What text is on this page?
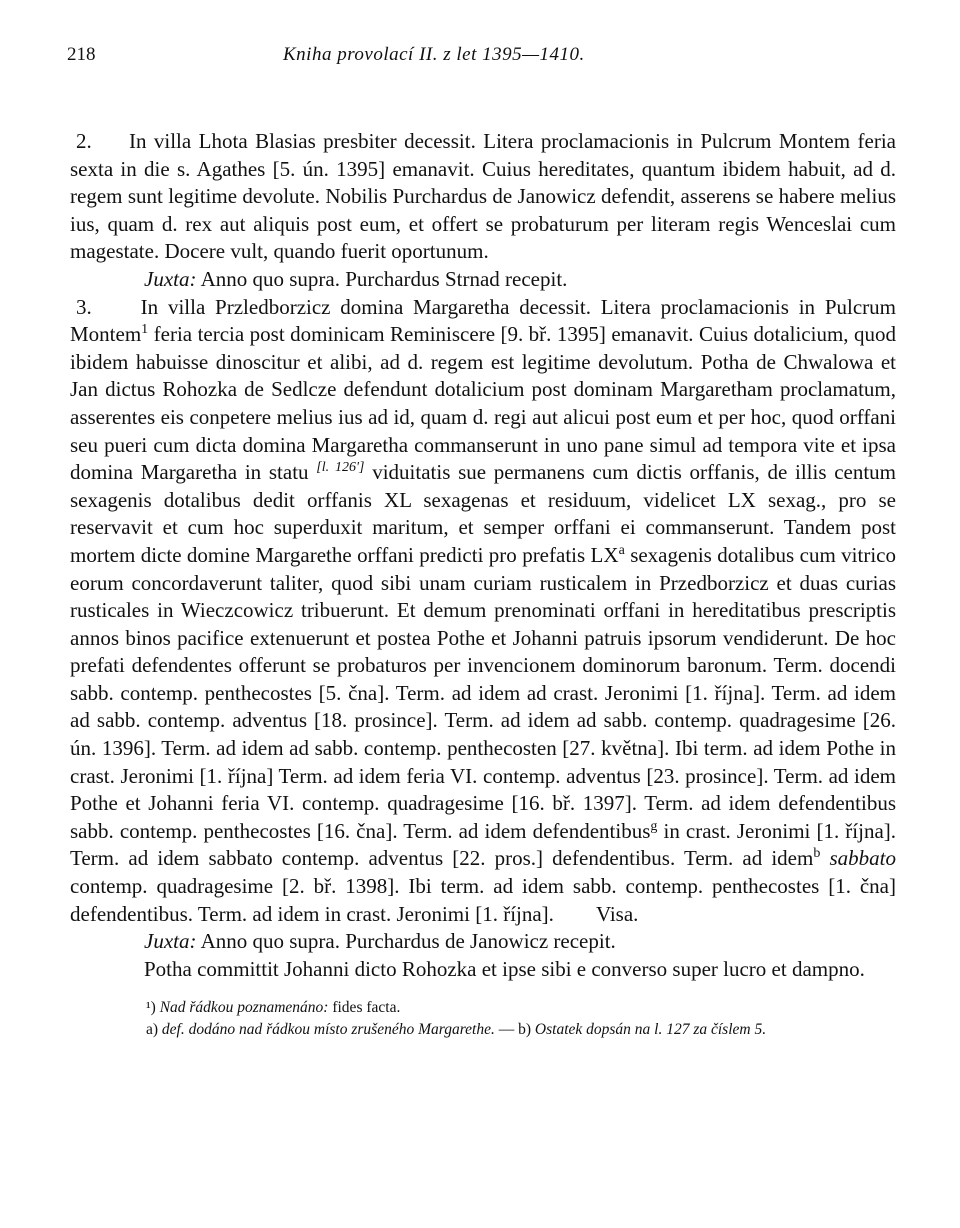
218	Kniha provolací II. z let 1395—1410.

2. In villa Lhota Blasias presbiter decessit. Litera proclamacionis in Pulcrum Montem feria sexta in die s. Agathes [5. ún. 1395] emanavit. Cuius hereditates, quantum ibidem habuit, ad d. regem sunt legitime devolute. Nobilis Purchardus de Janowicz defendit, asserens se habere melius ius, quam d. rex aut aliquis post eum, et offert se probaturum per literam regis Wenceslai cum magestate. Docere vult, quando fuerit oportunum.

Juxta: Anno quo supra. Purchardus Strnad recepit.

3. In villa Przledborzicz domina Margaretha decessit. Litera proclamacionis in Pulcrum Montem$^1$ feria tercia post dominicam Reminiscere [9. bř. 1395] emanavit. Cuius dotalicium, quod ibidem habuisse dinoscitur et alibi, ad d. regem est legitime devolutum. Potha de Chwalowa et Jan dictus Rohozka de Sedlcze defendunt dotalicium post dominam Margaretham proclamatum, asserentes eis conpetere melius ius ad id, quam d. regi aut alicui post eum et per hoc, quod orffani seu pueri cum dicta domina Margaretha commanserunt in uno pane simul ad tempora vite et ipsa domina Margaretha in statu [l. 126'] viduitatis sue permanens cum dictis orffanis, de illis centum sexagenis dotalibus dedit orffanis XL sexagenas et residuum, videlicet LX sexag., pro se reservavit et cum hoc superduxit maritum, et semper orffani ei commanserunt. Tandem post mortem dicte domine Margarethe orffani predicti pro prefatis $LX^a$ sexagenis dotalibus cum vitrico eorum concordaverunt taliter, quod sibi unam curiam rusticalem in Przedborzicz et duas curias rusticales in Wieczcowicz tribuerunt. Et demum prenominati orffani in hereditatibus prescriptis annos binos pacifice extenuerunt et postea Pothe et Johanni patruis ipsorum vendiderunt. De hoc prefati defendentes offerunt se probaturos per invencionem dominorum baronum. Term. docendi sabb. contemp. penthecostes [5. čna]. Term. ad idem ad crast. Jeronimi [1. října]. Term. ad idem ad sabb. contemp. adventus [18. prosince]. Term. ad idem ad sabb. contemp. quadragesime [26. ún. 1396]. Term. ad idem ad sabb. contemp. penthecosten [27. května]. Ibi term. ad idem Pothe in crast. Jeronimi [1. října] Term. ad idem feria VI. contemp. adventus [23. prosince]. Term. ad idem Pothe et Johanni feria VI. contemp. quadragesime [16. bř. 1397]. Term. ad idem defendentibus sabb. contemp. penthecostes [16. čna]. Term. ad idem defendentibus$^g$ in crast. Jeronimi [1. října]. Term. ad idem sabbato contemp. adventus [22. pros.] defendentibus. Term. ad idem$^b$ sabbato contemp. quadragesime [2. bř. 1398]. Ibi term. ad idem sabb. contemp. penthecostes [1. čna] defendentibus. Term. ad idem in crast. Jeronimi [1. října]. Visa.

Juxta: Anno quo supra. Purchardus de Janowicz recepit.

Potha committit Johanni dicto Rohozka et ipse sibi e converso super lucro et dampno.

¹) Nad řádkou poznamenáno: fides facta.

a) def. dodáno nad řádkou místo zrušeného Margarethe. — b) Ostatek dopsán na l. 127 za číslem 5.
